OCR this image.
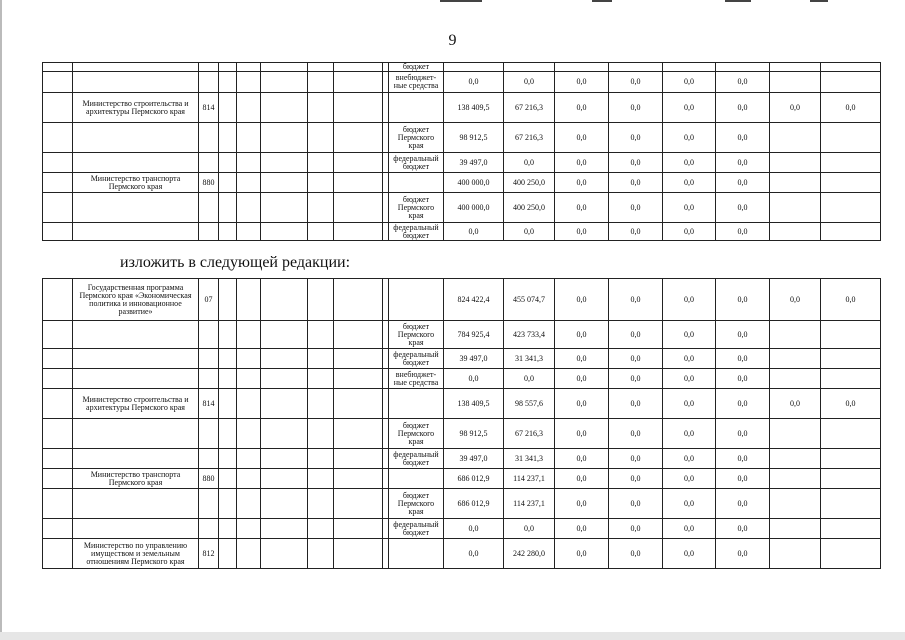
9
									бюджет								
									внебюджет-ные средства	0,0	0,0	0,0	0,0	0,0	0,0		
	Министерство строительства и архитектуры Пермского края	814								138 409,5	67 216,3	0,0	0,0	0,0	0,0	0,0	0,0
									бюджет Пермского края	98 912,5	67 216,3	0,0	0,0	0,0	0,0		
									федеральный бюджет	39 497,0	0,0	0,0	0,0	0,0	0,0		
	Министерство транспорта Пермского края	880								400 000,0	400 250,0	0,0	0,0	0,0	0,0		
									бюджет Пермского края	400 000,0	400 250,0	0,0	0,0	0,0	0,0		
									федеральный бюджет	0,0	0,0	0,0	0,0	0,0	0,0		
изложить в следующей редакции:
	Государственная программа Пермского края «Экономическая политика и инновационное развитие»	07								824 422,4	455 074,7	0,0	0,0	0,0	0,0	0,0	0,0
									бюджет Пермского края	784 925,4	423 733,4	0,0	0,0	0,0	0,0		
									федеральный бюджет	39 497,0	31 341,3	0,0	0,0	0,0	0,0		
									внебюджет-ные средства	0,0	0,0	0,0	0,0	0,0	0,0		
	Министерство строительства и архитектуры Пермского края	814								138 409,5	98 557,6	0,0	0,0	0,0	0,0	0,0	0,0
									бюджет Пермского края	98 912,5	67 216,3	0,0	0,0	0,0	0,0		
									федеральный бюджет	39 497,0	31 341,3	0,0	0,0	0,0	0,0		
	Министерство транспорта Пермского края	880								686 012,9	114 237,1	0,0	0,0	0,0	0,0		
									бюджет Пермского края	686 012,9	114 237,1	0,0	0,0	0,0	0,0		
									федеральный бюджет	0,0	0,0	0,0	0,0	0,0	0,0		
	Министерство по управлению имуществом и земельным отношениям Пермского края	812								0,0	242 280,0	0,0	0,0	0,0	0,0		
